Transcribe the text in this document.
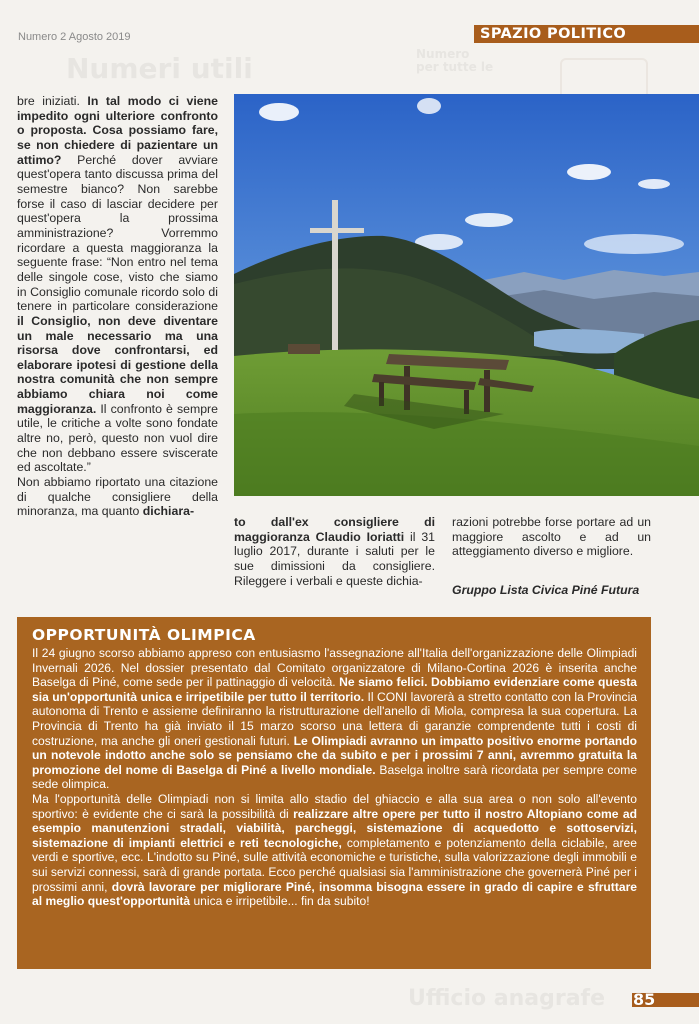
Numeri utili	Numero
per tutte le
Ufficio anagrafe
Numero 2 Agosto 2019	SPAZIO POLITICO

bre iniziati. In tal modo ci viene impedito ogni ulteriore confronto o proposta. Cosa possiamo fare, se non chiedere di pazientare un attimo? Perché dover avviare quest'opera tanto discussa prima del semestre bianco? Non sarebbe forse il caso di lasciar decidere per quest'opera la prossima amministrazione? Vorremmo ricordare a questa maggioranza la seguente frase: “Non entro nel tema delle singole cose, visto che siamo in Consiglio comunale ricordo solo di tenere in particolare considerazione il Consiglio, non deve diventare un male necessario ma una risorsa dove confrontarsi, ed elaborare ipotesi di gestione della nostra comunità che non sempre abbiamo chiara noi come maggioranza. Il confronto è sempre utile, le critiche a volte sono fondate altre no, però, questo non vuol dire che non debbano essere sviscerate ed ascoltate.”

Non abbiamo riportato una citazione di qualche consigliere della minoranza, ma quanto dichiara-

to dall'ex consigliere di maggioranza Claudio Ioriatti il 31 luglio 2017, durante i saluti per le sue dimissioni da consigliere. Rileggere i verbali e queste dichia-

razioni potrebbe forse portare ad un maggiore ascolto e ad un atteggiamento diverso e migliore.

Gruppo Lista Civica Piné Futura
OPPORTUNITÀ OLIMPICA

Il 24 giugno scorso abbiamo appreso con entusiasmo l'assegnazione all'Italia dell'organizzazione delle Olimpiadi Invernali 2026. Nel dossier presentato dal Comitato organizzatore di Milano-Cortina 2026 è inserita anche Baselga di Piné, come sede per il pattinaggio di velocità. Ne siamo felici. Dobbiamo evidenziare come questa sia un'opportunità unica e irripetibile per tutto il territorio. Il CONI lavorerà a stretto contatto con la Provincia autonoma di Trento e assieme definiranno la ristrutturazione dell'anello di Miola, compresa la sua copertura. La Provincia di Trento ha già inviato il 15 marzo scorso una lettera di garanzie comprendente tutti i costi di costruzione, ma anche gli oneri gestionali futuri. Le Olimpiadi avranno un impatto positivo enorme portando un notevole indotto anche solo se pensiamo che da subito e per i prossimi 7 anni, avremmo gratuita la promozione del nome di Baselga di Piné a livello mondiale. Baselga inoltre sarà ricordata per sempre come sede olimpica.

Ma l'opportunità delle Olimpiadi non si limita allo stadio del ghiaccio e alla sua area o non solo all'evento sportivo: è evidente che ci sarà la possibilità di realizzare altre opere per tutto il nostro Altopiano come ad esempio manutenzioni stradali, viabilità, parcheggi, sistemazione di acquedotto e sottoservizi, sistemazione di impianti elettrici e reti tecnologiche, completamento e potenziamento della ciclabile, aree verdi e sportive, ecc. L'indotto su Piné, sulle attività economiche e turistiche, sulla valorizzazione degli immobili e sui servizi connessi, sarà di grande portata. Ecco perché qualsiasi sia l'amministrazione che governerà Piné per i prossimi anni, dovrà lavorare per migliorare Piné, insomma bisogna essere in grado di capire e sfruttare al meglio quest'opportunità unica e irripetibile... fin da subito!

85
